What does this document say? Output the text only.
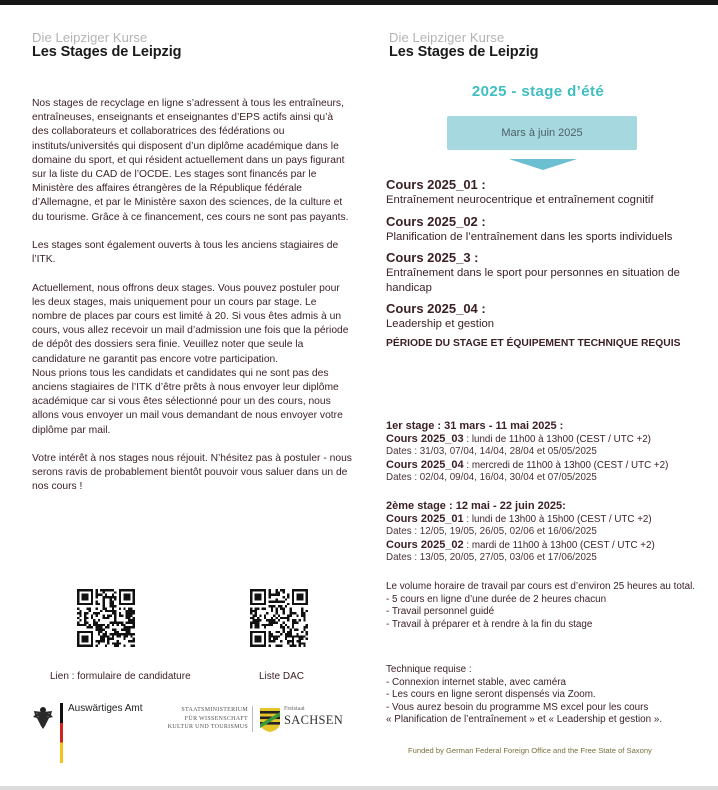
Die Leipziger Kurse
Les Stages de Leipzig

Nos stages de recyclage en ligne s’adressent à tous les entraîneurs, entraîneuses, enseignants et enseignantes d’EPS actifs ainsi qu’à des collaborateurs et collaboratrices des fédérations ou instituts/universités qui disposent d’un diplôme académique dans le domaine du sport, et qui résident actuellement dans un pays figurant sur la liste du CAD de l’OCDE. Les stages sont financés par le Ministère des affaires étrangères de la République fédérale d’Allemagne, et par le Ministère saxon des sciences, de la culture et du tourisme. Grâce à ce financement, ces cours ne sont pas payants.

Les stages sont également ouverts à tous les anciens stagiaires de l’ITK.

Actuellement, nous offrons deux stages. Vous pouvez postuler pour les deux stages, mais uniquement pour un cours par stage. Le nombre de places par cours est limité à 20. Si vous êtes admis à un cours, vous allez recevoir un mail d’admission une fois que la période de dépôt des dossiers sera finie. Veuillez noter que seule la candidature ne garantit pas encore votre participation.

Nous prions tous les candidats et candidates qui ne sont pas des anciens stagiaires de l’ITK d’être prêts à nous envoyer leur diplôme académique car si vous êtes sélectionné pour un des cours, nous allons vous envoyer un mail vous demandant de nous envoyer votre diplôme par mail.

Votre intérêt à nos stages nous réjouit. N’hésitez pas à postuler - nous serons ravis de probablement bientôt pouvoir vous saluer dans un de nos cours !

Lien : formulaire de candidature	Liste DAC
Auswärtiges Amt	STAATSMINISTERIUM
FÜR WISSENSCHAFT
KULTUR UND TOURISMUS
Freistaat
SACHSEN
Die Leipziger Kurse
Les Stages de Leipzig
2025 - stage d’été
Mars à juin 2025
Cours 2025_01 :
Entraînement neurocentrique et entraînement cognitif
Cours 2025_02 :
Planification de l’entraînement dans les sports individuels
Cours 2025_3 :
Entraînement dans le sport pour personnes en situation de handicap
Cours 2025_04 :
Leadership et gestion
PÉRIODE DU STAGE ET ÉQUIPEMENT TECHNIQUE REQUIS
1er stage : 31 mars - 11 mai 2025 :
Cours 2025_03 : lundi de 11h00 à 13h00 (CEST / UTC +2)
Dates : 31/03, 07/04, 14/04, 28/04 et 05/05/2025
Cours 2025_04 : mercredi de 11h00 à 13h00 (CEST / UTC +2)
Dates : 02/04, 09/04, 16/04, 30/04 et 07/05/2025
2ème stage : 12 mai - 22 juin 2025:
Cours 2025_01 : lundi de 13h00 à 15h00 (CEST / UTC +2)
Dates : 12/05, 19/05, 26/05, 02/06 et 16/06/2025
Cours 2025_02 : mardi de 11h00 à 13h00 (CEST / UTC +2)
Dates : 13/05, 20/05, 27/05, 03/06 et 17/06/2025
Le volume horaire de travail par cours est d’environ 25 heures au total.
- 5 cours en ligne d’une durée de 2 heures chacun
- Travail personnel guidé
- Travail à préparer et à rendre à la fin du stage
Technique requise :
- Connexion internet stable, avec caméra
- Les cours en ligne seront dispensés via Zoom.
- Vous aurez besoin du programme MS excel pour les cours
« Planification de l’entraînement » et « Leadership et gestion ».
Funded by German Federal Foreign Office and the Free State of Saxony
